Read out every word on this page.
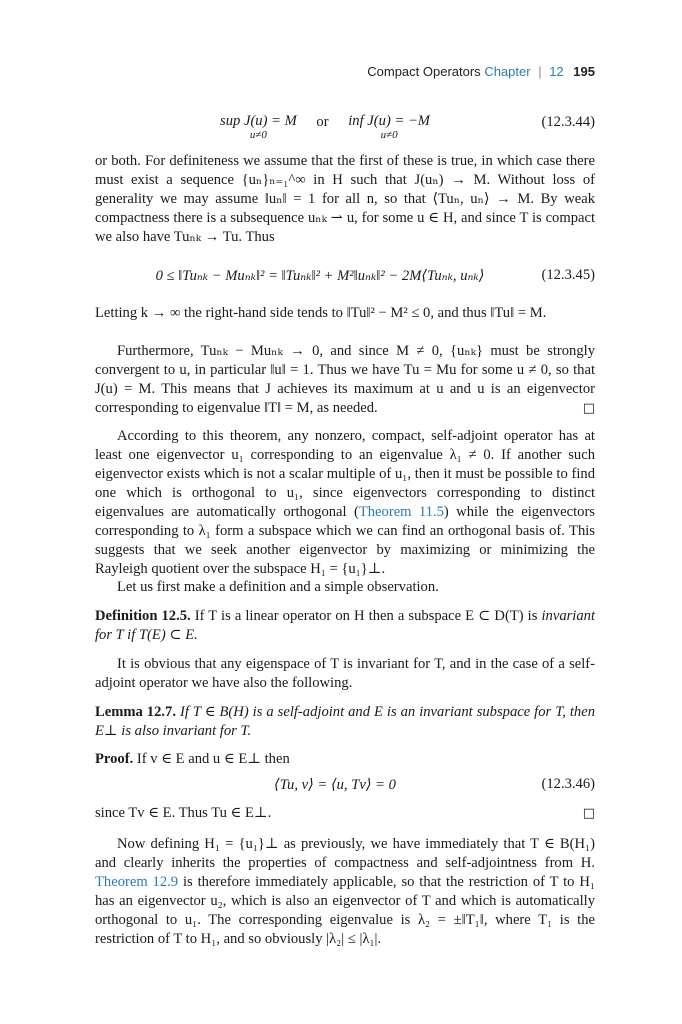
Compact Operators Chapter | 12 195
sup J(u) = M
u≠0
or inf J(u) = −M
u≠0
(12.3.44)

or both. For definiteness we assume that the first of these is true, in which case there must exist a sequence {uₙ}ₙ₌₁^∞ in H such that J(uₙ) → M. Without loss of generality we may assume ‖uₙ‖ = 1 for all n, so that ⟨Tuₙ, uₙ⟩ → M. By weak compactness there is a subsequence uₙₖ ⇀ u, for some u ∈ H, and since T is compact we also have Tuₙₖ → Tu. Thus

0 ≤ ‖Tuₙₖ − Muₙₖ‖² = ‖Tuₙₖ‖² + M²‖uₙₖ‖² − 2M⟨Tuₙₖ, uₙₖ⟩	(12.3.45)

Letting k → ∞ the right-hand side tends to ‖Tu‖² − M² ≤ 0, and thus ‖Tu‖ = M.

Furthermore, Tuₙₖ − Muₙₖ → 0, and since M ≠ 0, {uₙₖ} must be strongly convergent to u, in particular ‖u‖ = 1. Thus we have Tu = Mu for some u ≠ 0, so that J(u) = M. This means that J achieves its maximum at u and u is an eigenvector corresponding to eigenvalue ‖T‖ = M, as needed.	□

According to this theorem, any nonzero, compact, self-adjoint operator has at least one eigenvector u₁ corresponding to an eigenvalue λ₁ ≠ 0. If another such eigenvector exists which is not a scalar multiple of u₁, then it must be possible to find one which is orthogonal to u₁, since eigenvectors corresponding to distinct eigenvalues are automatically orthogonal (Theorem 11.5) while the eigenvectors corresponding to λ₁ form a subspace which we can find an orthogonal basis of. This suggests that we seek another eigenvector by maximizing or minimizing the Rayleigh quotient over the subspace H₁ = {u₁}⊥.

Let us first make a definition and a simple observation.

Definition 12.5. If T is a linear operator on H then a subspace E ⊂ D(T) is invariant for T if T(E) ⊂ E.

It is obvious that any eigenspace of T is invariant for T, and in the case of a self-adjoint operator we have also the following.

Lemma 12.7. If T ∈ B(H) is a self-adjoint and E is an invariant subspace for T, then E⊥ is also invariant for T.

Proof. If v ∈ E and u ∈ E⊥ then

⟨Tu, v⟩ = ⟨u, Tv⟩ = 0	(12.3.46)

since Tv ∈ E. Thus Tu ∈ E⊥.	□

Now defining H₁ = {u₁}⊥ as previously, we have immediately that T ∈ B(H₁) and clearly inherits the properties of compactness and self-adjointness from H. Theorem 12.9 is therefore immediately applicable, so that the restriction of T to H₁ has an eigenvector u₂, which is also an eigenvector of T and which is automatically orthogonal to u₁. The corresponding eigenvalue is λ₂ = ±‖T₁‖, where T₁ is the restriction of T to H₁, and so obviously |λ₂| ≤ |λ₁|.
